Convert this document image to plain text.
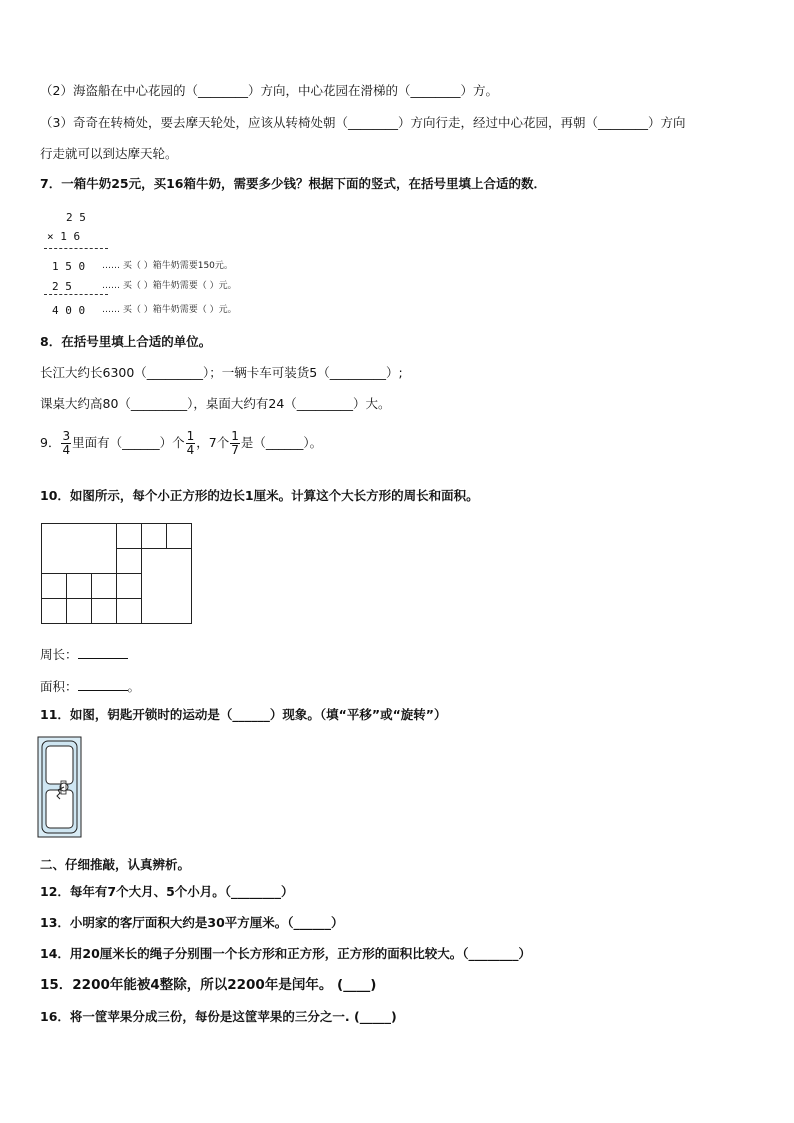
（2）海盗船在中心花园的（________）方向，中心花园在滑梯的（________）方。
（3）奇奇在转椅处，要去摩天轮处，应该从转椅处朝（________）方向行走，经过中心花园，再朝（________）方向
行走就可以到达摩天轮。
7．一箱牛奶25元，买16箱牛奶，需要多少钱？根据下面的竖式，在括号里填上合适的数．
2 5
× 1 6
1 5 0 …… 买（ ）箱牛奶需要150元。
2 5	…… 买（ ）箱牛奶需要（ ）元。
4 0 0 …… 买（ ）箱牛奶需要（ ）元。
8．在括号里填上合适的单位。
长江大约长6300（_________）；一辆卡车可装货5（_________）;
课桌大约高80（_________），桌面大约有24（_________）大。
9． $\frac{3}{4}$ 里面有（______）个 $\frac{1}{4}$ ，7个 $\frac{1}{7}$ 是（______）。
10．如图所示，每个小正方形的边长1厘米。计算这个大长方形的周长和面积。
周长：
面积：	。
11．如图，钥匙开锁时的运动是（______）现象。（填“平移”或“旋转”）
二、仔细推敲，认真辨析。
12．每年有7个大月、5个小月。（________）
13．小明家的客厅面积大约是30平方厘米。（______）
14．用20厘米长的绳子分别围一个长方形和正方形，正方形的面积比较大。（________）
15．2200年能被4整除，所以2200年是闰年。 (____)
16．将一筐苹果分成三份，每份是这筐苹果的三分之一. (_____)
